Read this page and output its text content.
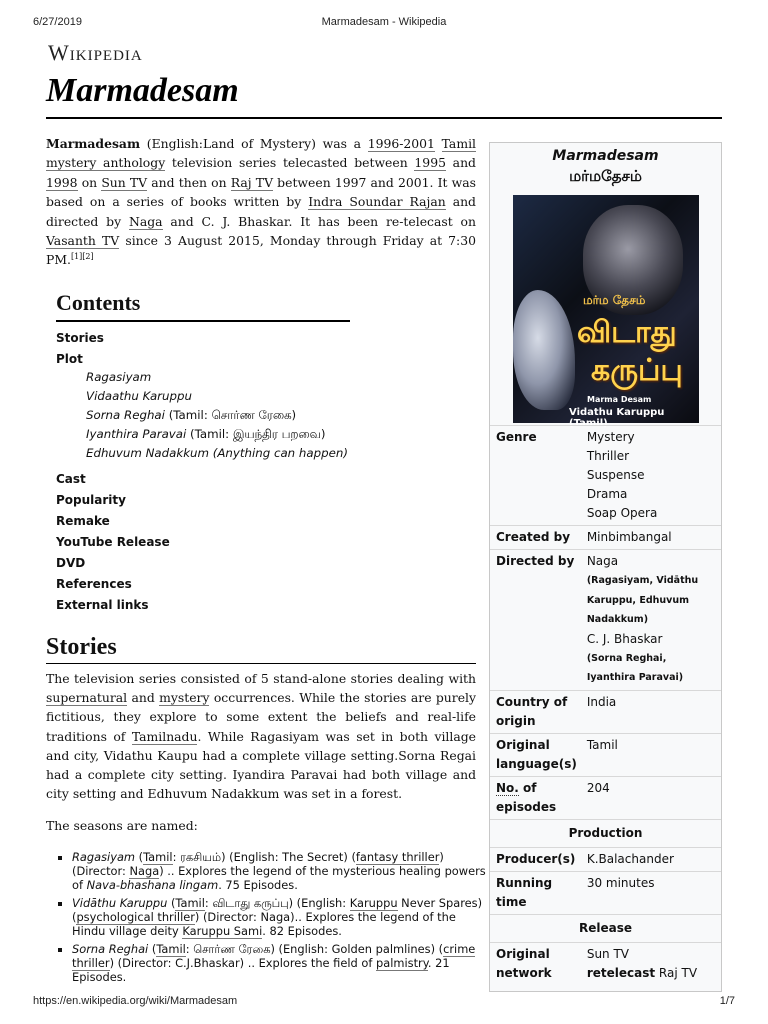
6/27/2019	Marmadesam - Wikipedia
Wikipedia
Marmadesam

Marmadesam (English:Land of Mystery) was a 1996-2001 Tamil mystery anthology television series telecasted between 1995 and 1998 on Sun TV and then on Raj TV between 1997 and 2001. It was based on a series of books written by Indra Soundar Rajan and directed by Naga and C. J. Bhaskar. It has been re-telecast on Vasanth TV since 3 August 2015, Monday through Friday at 7:30 PM.[1][2]

Contents
Stories
Plot
Ragasiyam
Vidaathu Karuppu
Sorna Reghai (Tamil: சொர்ண ரேகை)
Iyanthira Paravai (Tamil: இயந்திர பறவை)
Edhuvum Nadakkum (Anything can happen)
Cast
Popularity
Remake
YouTube Release
DVD
References
External links
Stories

The television series consisted of 5 stand-alone stories dealing with supernatural and mystery occurrences. While the stories are purely fictitious, they explore to some extent the beliefs and real-life traditions of Tamilnadu. While Ragasiyam was set in both village and city, Vidathu Kaupu had a complete village setting.Sorna Regai had a complete city setting. Iyandira Paravai had both village and city setting and Edhuvum Nadakkum was set in a forest.

The seasons are named:

▪ Ragasiyam (Tamil: ரகசியம்) (English: The Secret) (fantasy thriller) (Director: Naga) .. Explores the legend of the mysterious healing powers of Nava-bhashana lingam. 75 Episodes.
▪ Vidāthu Karuppu (Tamil: விடாது கருப்பு) (English: Karuppu Never Spares) (psychological thriller) (Director: Naga).. Explores the legend of the Hindu village deity Karuppu Sami. 82 Episodes.
▪ Sorna Reghai (Tamil: சொர்ண ரேகை) (English: Golden palmlines) (crime thriller) (Director: C.J.Bhaskar) .. Explores the field of palmistry. 21 Episodes.
Marmadesam
மர்மதேசம்
மர்ம தேசம்
விடாது
கருப்பு
Marma Desam
Vidathu Karuppu (Tamil)
Genre	Mystery
Thriller
Suspense
Drama
Soap Opera

Created by	Minbimbangal
Directed by	Naga
(Ragasiyam, Vidāthu Karuppu, Edhuvum Nadakkum)
C. J. Bhaskar
(Sorna Reghai, Iyanthira Paravai)

Country of origin	India
Original language(s)	Tamil
No. of episodes	204
Production	
Producer(s)	K.Balachander
Running time	30 minutes
Release	
Original network	Sun TV
retelecast Raj TV
https://en.wikipedia.org/wiki/Marmadesam	1/7
